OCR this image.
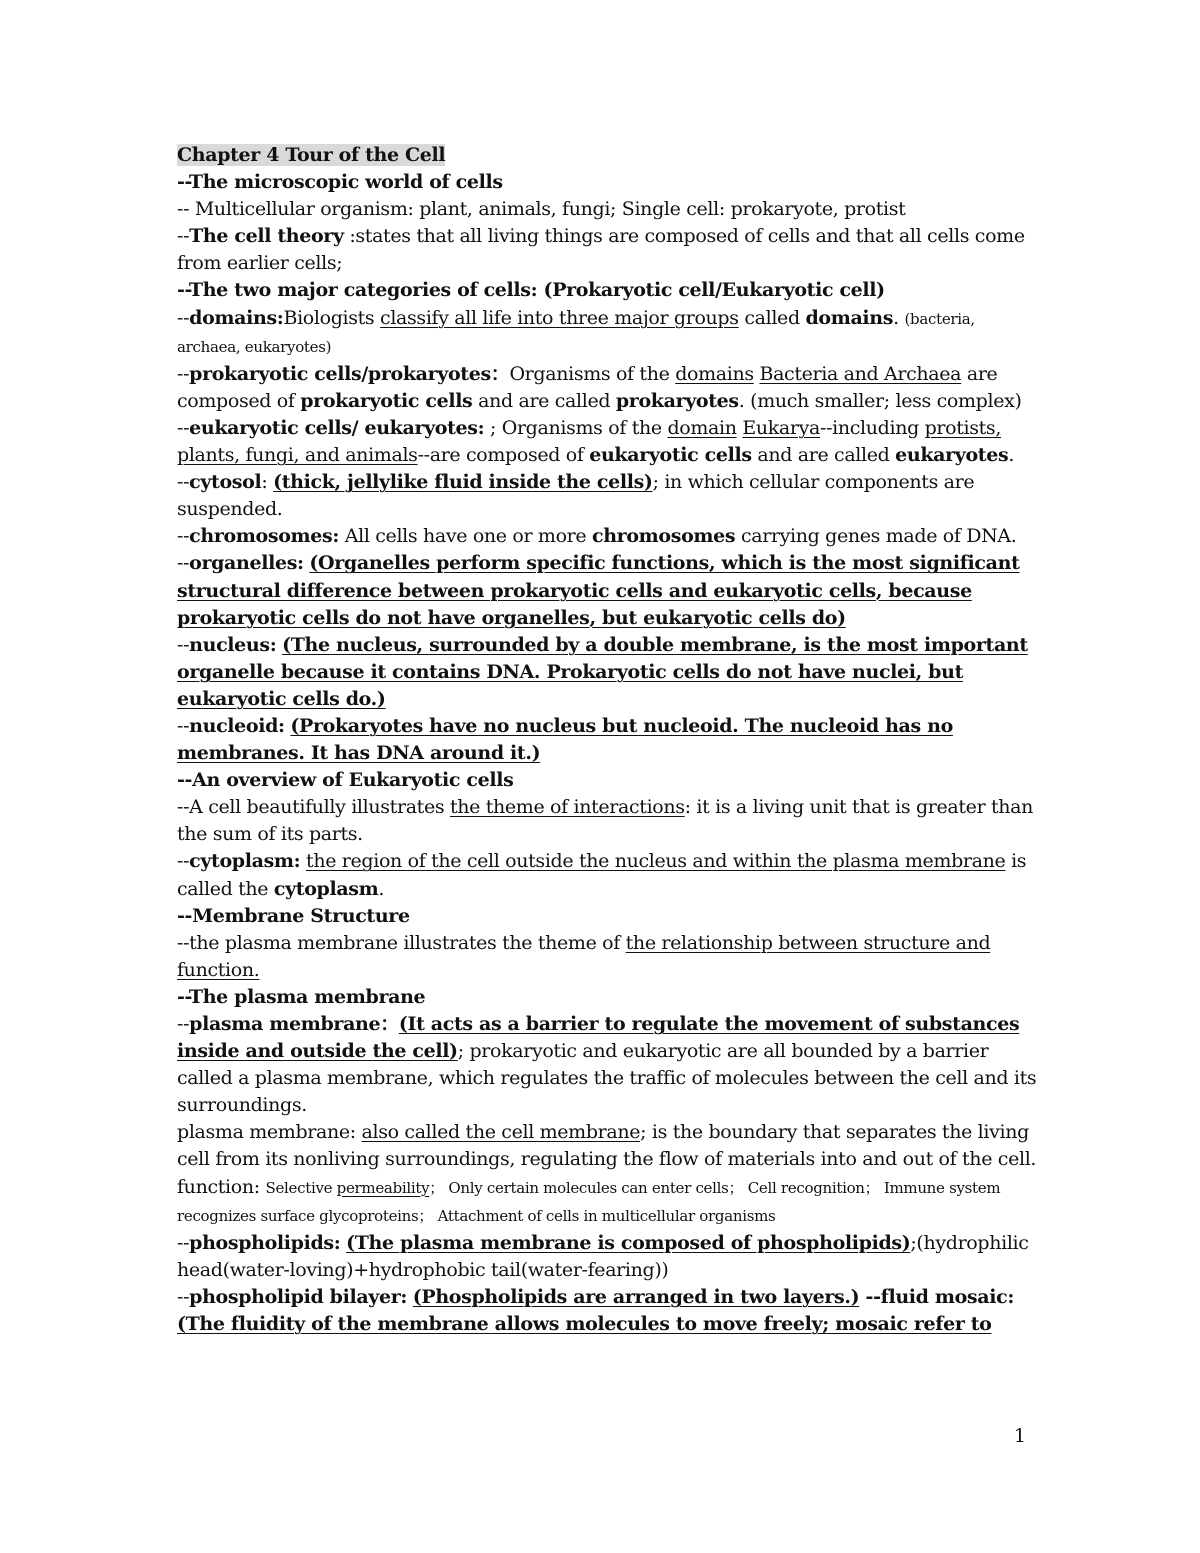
Chapter 4 Tour of the Cell

--The microscopic world of cells

-- Multicellular organism: plant, animals, fungi; Single cell: prokaryote, protist

--The cell theory :states that all living things are composed of cells and that all cells come from earlier cells;

--The two major categories of cells: (Prokaryotic cell/Eukaryotic cell)

--domains:Biologists classify all life into three major groups called domains. (bacteria, archaea, eukaryotes)

--prokaryotic cells/prokaryotes：Organisms of the domains Bacteria and Archaea are composed of prokaryotic cells and are called prokaryotes. (much smaller; less complex)

--eukaryotic cells/ eukaryotes: ; Organisms of the domain Eukarya--including protists, plants, fungi, and animals--are composed of eukaryotic cells and are called eukaryotes.

--cytosol: (thick, jellylike fluid inside the cells); in which cellular components are suspended.

--chromosomes: All cells have one or more chromosomes carrying genes made of DNA.

--organelles: (Organelles perform specific functions, which is the most significant structural difference between prokaryotic cells and eukaryotic cells, because prokaryotic cells do not have organelles, but eukaryotic cells do)

--nucleus: (The nucleus, surrounded by a double membrane, is the most important organelle because it contains DNA. Prokaryotic cells do not have nuclei, but eukaryotic cells do.)

--nucleoid: (Prokaryotes have no nucleus but nucleoid. The nucleoid has no membranes. It has DNA around it.)

--An overview of Eukaryotic cells

--A cell beautifully illustrates the theme of interactions: it is a living unit that is greater than the sum of its parts.

--cytoplasm: the region of the cell outside the nucleus and within the plasma membrane is called the cytoplasm.

--Membrane Structure

--the plasma membrane illustrates the theme of the relationship between structure and function.

--The plasma membrane

--plasma membrane：(It acts as a barrier to regulate the movement of substances inside and outside the cell); prokaryotic and eukaryotic are all bounded by a barrier called a plasma membrane, which regulates the traffic of molecules between the cell and its surroundings.

plasma membrane: also called the cell membrane; is the boundary that separates the living cell from its nonliving surroundings, regulating the flow of materials into and out of the cell. function: Selective permeability； Only certain molecules can enter cells； Cell recognition； Immune system recognizes surface glycoproteins； Attachment of cells in multicellular organisms

--phospholipids: (The plasma membrane is composed of phospholipids);(hydrophilic head(water-loving)+hydrophobic tail(water-fearing))

--phospholipid bilayer: (Phospholipids are arranged in two layers.) --fluid mosaic: (The fluidity of the membrane allows molecules to move freely; mosaic refer to

1
